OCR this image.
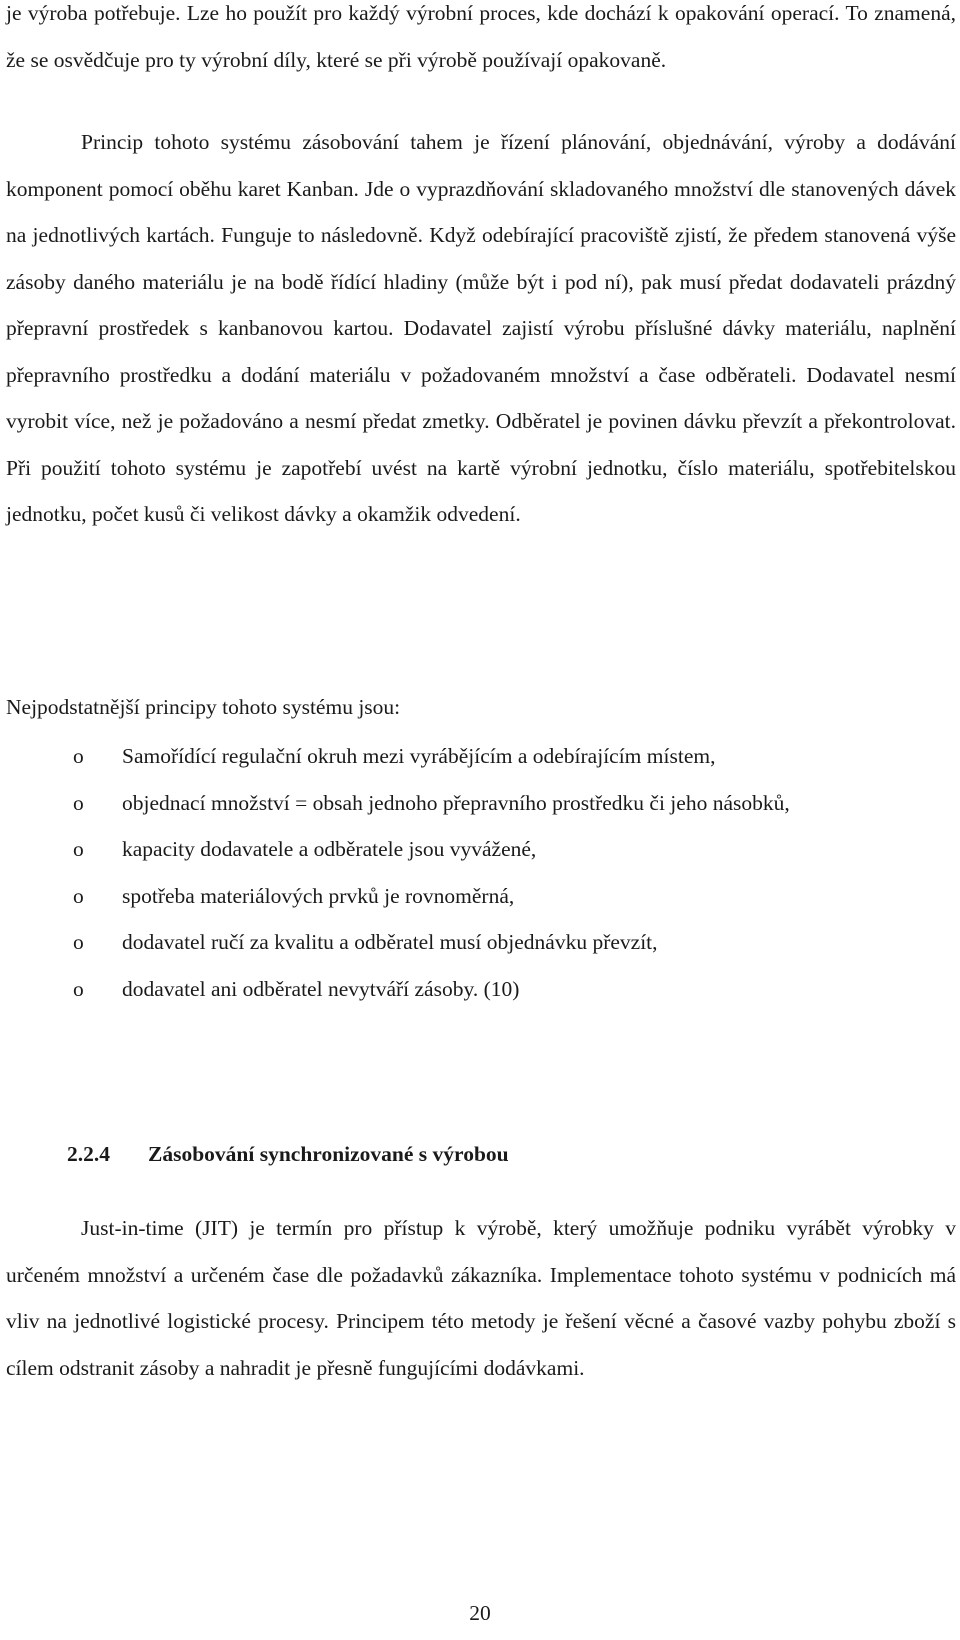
je výroba potřebuje. Lze ho použít pro každý výrobní proces, kde dochází k opakování operací. To znamená, že se osvědčuje pro ty výrobní díly, které se při výrobě používají opakovaně.

Princip tohoto systému zásobování tahem je řízení plánování, objednávání, výroby a dodávání komponent pomocí oběhu karet Kanban. Jde o vyprazdňování skladovaného množství dle stanovených dávek na jednotlivých kartách. Funguje to následovně. Když odebírající pracoviště zjistí, že předem stanovená výše zásoby daného materiálu je na bodě řídící hladiny (může být i pod ní), pak musí předat dodavateli prázdný přepravní prostředek s kanbanovou kartou. Dodavatel zajistí výrobu příslušné dávky materiálu, naplnění přepravního prostředku a dodání materiálu v požadovaném množství a čase odběrateli. Dodavatel nesmí vyrobit více, než je požadováno a nesmí předat zmetky. Odběratel je povinen dávku převzít a překontrolovat. Při použití tohoto systému je zapotřebí uvést na kartě výrobní jednotku, číslo materiálu, spotřebitelskou jednotku, počet kusů či velikost dávky a okamžik odvedení.

Nejpodstatnější principy tohoto systému jsou:

o Samořídící regulační okruh mezi vyrábějícím a odebírajícím místem,
o objednací množství = obsah jednoho přepravního prostředku či jeho násobků,
o kapacity dodavatele a odběratele jsou vyvážené,
o spotřeba materiálových prvků je rovnoměrná,
o dodavatel ručí za kvalitu a odběratel musí objednávku převzít,
o dodavatel ani odběratel nevytváří zásoby. (10)
2.2.4 Zásobování synchronizované s výrobou

Just-in-time (JIT) je termín pro přístup k výrobě, který umožňuje podniku vyrábět výrobky v určeném množství a určeném čase dle požadavků zákazníka. Implementace tohoto systému v podnicích má vliv na jednotlivé logistické procesy. Principem této metody je řešení věcné a časové vazby pohybu zboží s cílem odstranit zásoby a nahradit je přesně fungujícími dodávkami.

20
